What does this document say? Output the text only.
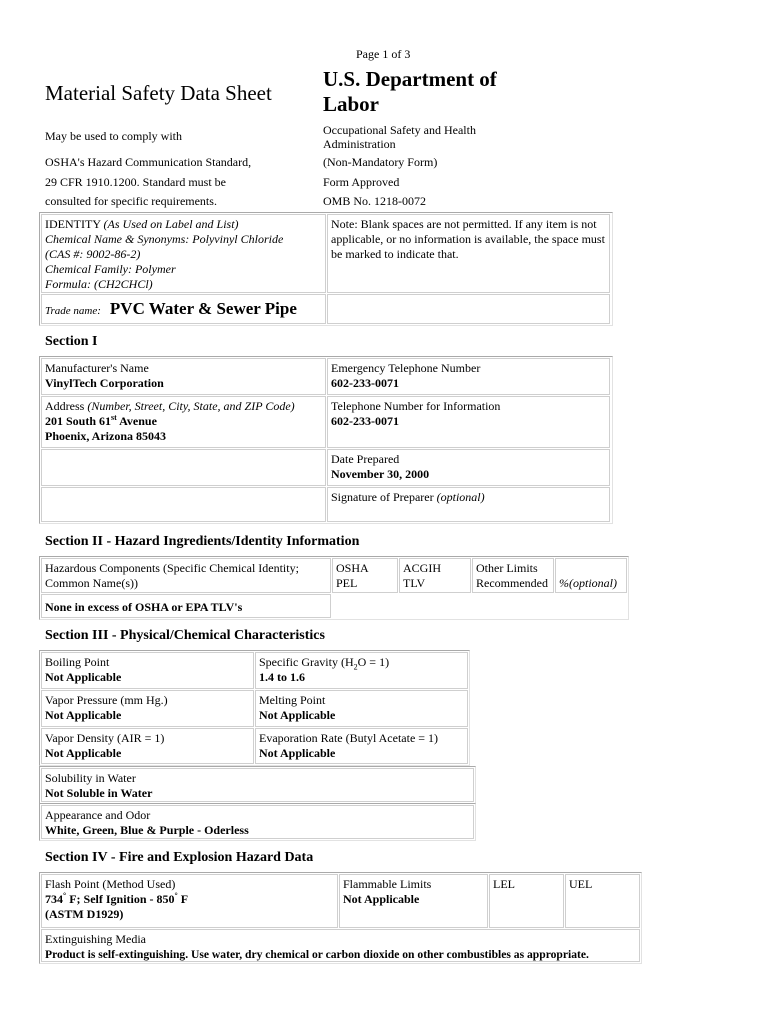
Page 1 of 3
Material Safety Data Sheet
U.S. Department of
Labor
May be used to comply with
OSHA's Hazard Communication Standard,
29 CFR 1910.1200. Standard must be
consulted for specific requirements.
Occupational Safety and Health
Administration
(Non-Mandatory Form)
Form Approved
OMB No. 1218-0072
IDENTITY (As Used on Label and List)
Chemical Name & Synonyms: Polyvinyl Chloride
(CAS #: 9002-86-2)
Chemical Family: Polymer
Formula: (CH2CHCl)
Note: Blank spaces are not permitted. If any item is not applicable, or no information is available, the space must be marked to indicate that.
Trade name: PVC Water & Sewer Pipe
Section I
Manufacturer's Name
VinylTech Corporation
Emergency Telephone Number
602-233-0071
Address (Number, Street, City, State, and ZIP Code)
201 South 61st Avenue
Phoenix, Arizona 85043
Telephone Number for Information
602-233-0071
Date Prepared
November 30, 2000
Signature of Preparer (optional)
Section II - Hazard Ingredients/Identity Information
Hazardous Components (Specific Chemical Identity;
Common Name(s))
OSHA
PEL
ACGIH
TLV
Other Limits
Recommended %(optional)
None in excess of OSHA or EPA TLV's
Section III - Physical/Chemical Characteristics
Boiling Point
Not Applicable
Specific Gravity $(H_2O = 1)$
1.4 to 1.6
Vapor Pressure (mm Hg.)
Not Applicable
Melting Point
Not Applicable
Vapor Density (AIR = 1)
Not Applicable
Evaporation Rate (Butyl Acetate = 1)
Not Applicable
Solubility in Water
Not Soluble in Water
Appearance and Odor
White, Green, Blue & Purple - Oderless
Section IV - Fire and Explosion Hazard Data
Flash Point (Method Used)
734° F; Self Ignition - 850° F
(ASTM D1929)
Flammable Limits
Not Applicable
LEL	UEL
Extinguishing Media
Product is self-extinguishing. Use water, dry chemical or carbon dioxide on other combustibles as appropriate.
